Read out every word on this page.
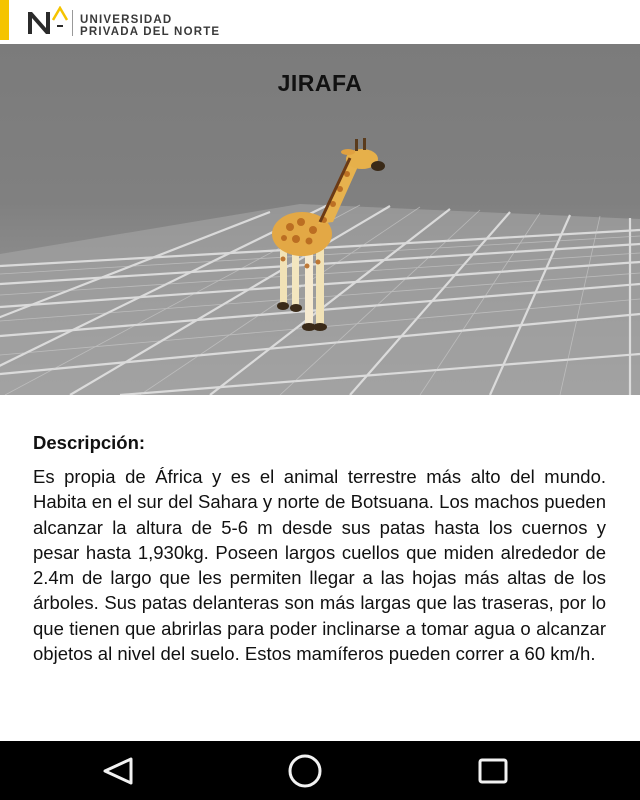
UNIVERSIDAD
PRIVADA DEL NORTE
JIRAFA
Descripción:

Es propia de África y es el animal terrestre más alto del mundo. Habita en el sur del Sahara y norte de Botsuana. Los machos pueden alcanzar la altura de 5-6 m desde sus patas hasta los cuernos y pesar hasta 1,930kg. Poseen largos cuellos que miden alrededor de 2.4m de largo que les permiten llegar a las hojas más altas de los árboles. Sus patas delanteras son más largas que las traseras, por lo que tienen que abrirlas para poder inclinarse a tomar agua o alcanzar objetos al nivel del suelo. Estos mamíferos pueden correr a 60 km/h.
